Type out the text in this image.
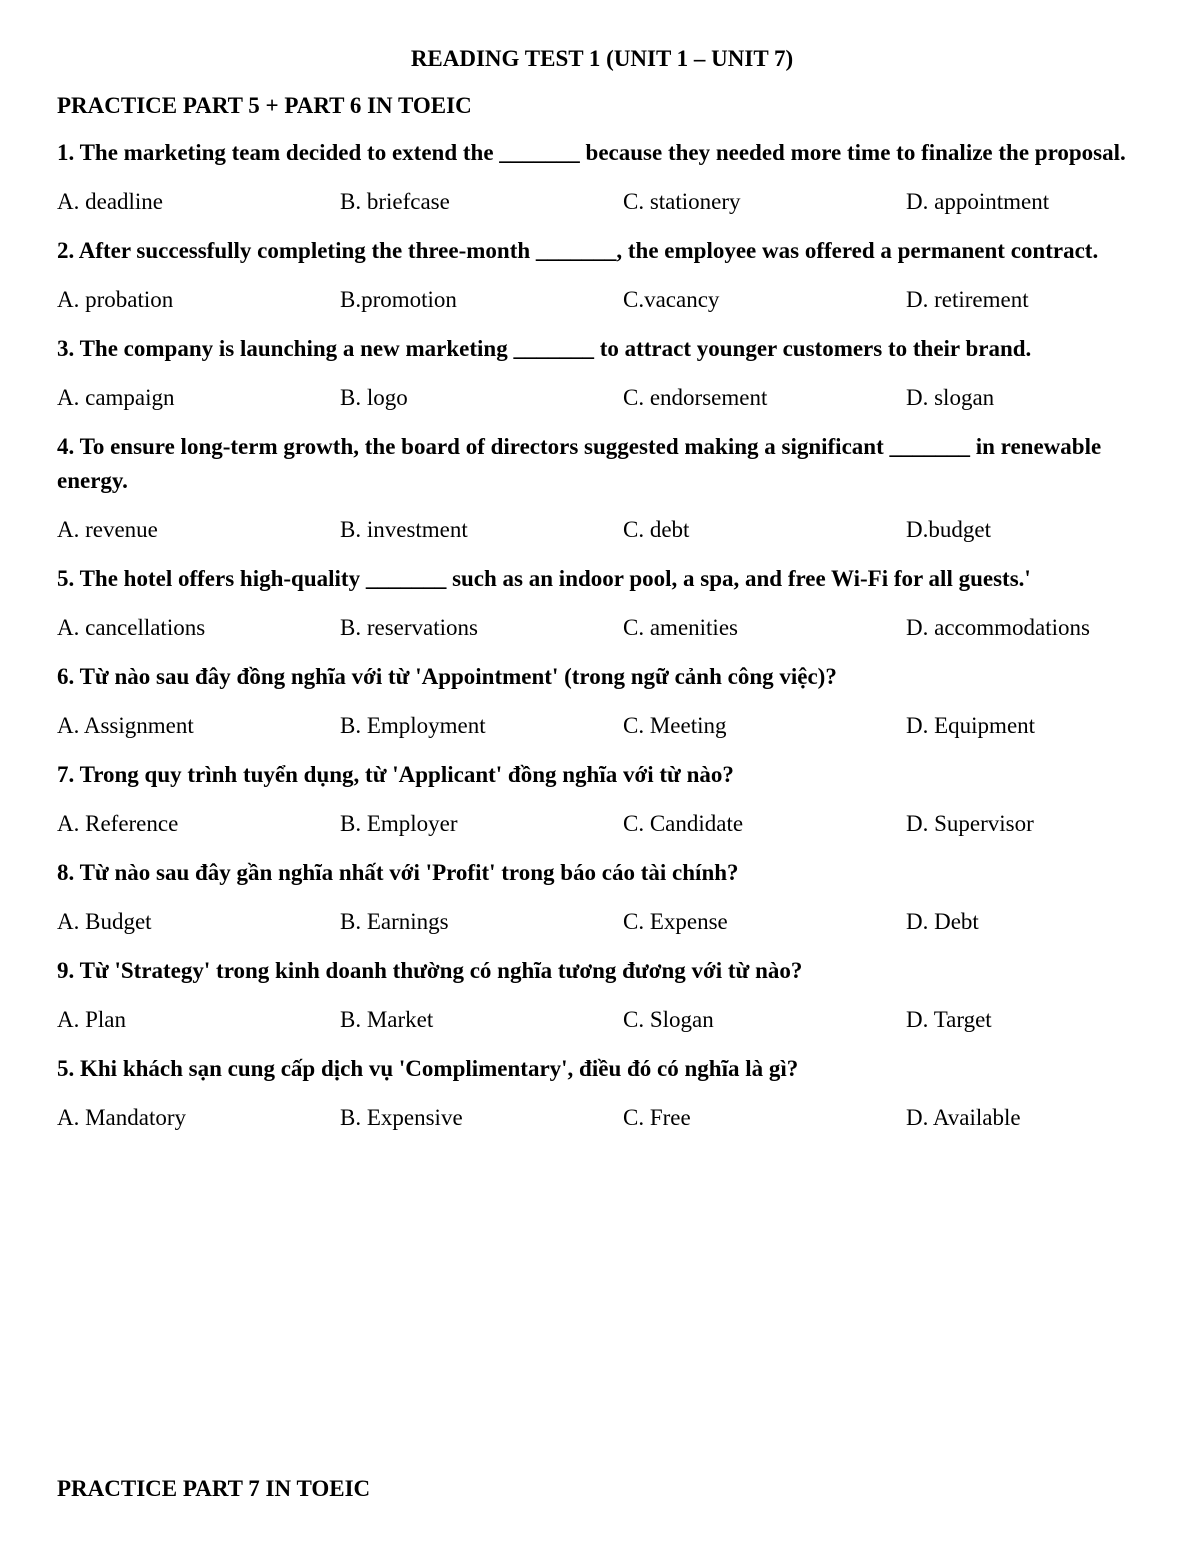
READING TEST 1 (UNIT 1 – UNIT 7)
PRACTICE PART 5 + PART 6 IN TOEIC
1. The marketing team decided to extend the _______ because they needed more time to finalize the proposal.
A. deadline	B. briefcase	C. stationery	D. appointment
2. After successfully completing the three-month _______, the employee was offered a permanent contract.
A. probation	B.promotion	C.vacancy	D. retirement
3. The company is launching a new marketing _______ to attract younger customers to their brand.
A. campaign	B. logo	C. endorsement	D. slogan
4. To ensure long-term growth, the board of directors suggested making a significant _______ in renewable energy.
A. revenue	B. investment	C. debt	D.budget
5. The hotel offers high-quality _______ such as an indoor pool, a spa, and free Wi-Fi for all guests.'
A. cancellations	B. reservations	C. amenities	D. accommodations
6. Từ nào sau đây đồng nghĩa với từ 'Appointment' (trong ngữ cảnh công việc)?
A. Assignment	B. Employment	C. Meeting	D. Equipment
7. Trong quy trình tuyển dụng, từ 'Applicant' đồng nghĩa với từ nào?
A. Reference	B. Employer	C. Candidate	D. Supervisor
8. Từ nào sau đây gần nghĩa nhất với 'Profit' trong báo cáo tài chính?
A. Budget	B. Earnings	C. Expense	D. Debt
9. Từ 'Strategy' trong kinh doanh thường có nghĩa tương đương với từ nào?
A. Plan	B. Market	C. Slogan	D. Target
5. Khi khách sạn cung cấp dịch vụ 'Complimentary', điều đó có nghĩa là gì?
A. Mandatory	B. Expensive	C. Free	D. Available
PRACTICE PART 7 IN TOEIC
